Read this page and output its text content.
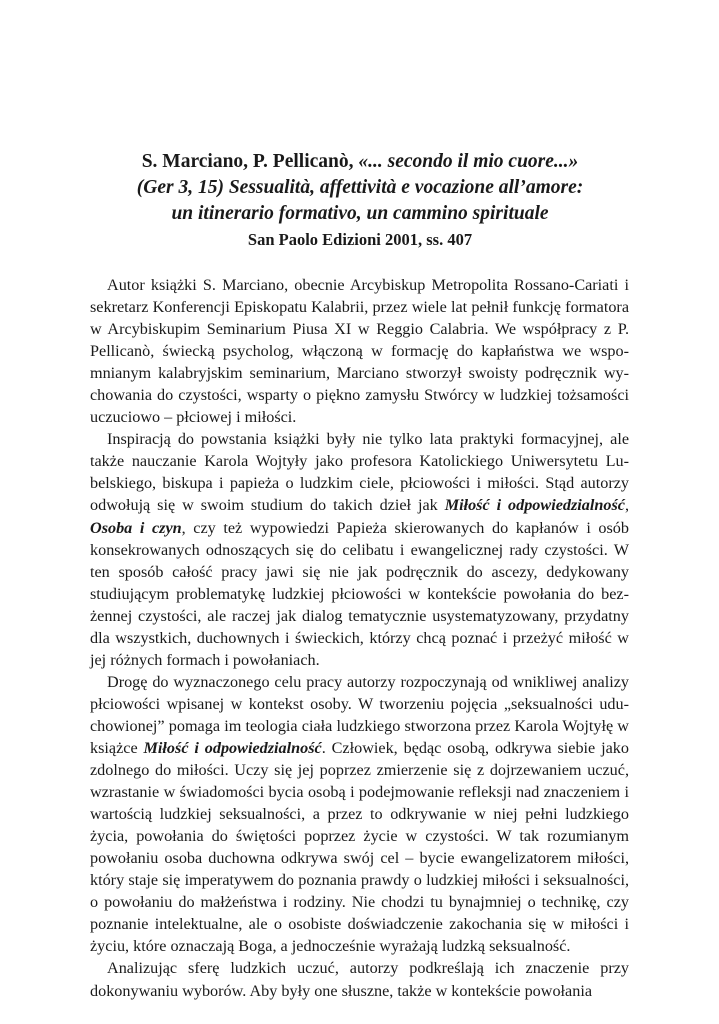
S. Marciano, P. Pellicanò, «... secondo il mio cuore...»
(Ger 3, 15) Sessualità, affettività e vocazione all’amore:
un itinerario formativo, un cammino spirituale
San Paolo Edizioni 2001, ss. 407

Autor książki S. Marciano, obecnie Arcybiskup Metropolita Rossano-Cariati i sekretarz Konferencji Episkopatu Kalabrii, przez wiele lat pełnił funkcję formatora w Arcybiskupim Seminarium Piusa XI w Reggio Calabria. We współpracy z P. Pellicanò, świecką psycholog, włączoną w formację do kapłaństwa we wspomnianym kalabryjskim seminarium, Marciano stworzył swoisty podręcznik wychowania do czystości, wsparty o piękno zamysłu Stwórcy w ludzkiej tożsamości uczuciowo – płciowej i miłości.

Inspiracją do powstania książki były nie tylko lata praktyki formacyjnej, ale także nauczanie Karola Wojtyły jako profesora Katolickiego Uniwersytetu Lubelskiego, biskupa i papieża o ludzkim ciele, płciowości i miłości. Stąd autorzy odwołują się w swoim studium do takich dzieł jak Miłość i odpowiedzialność, Osoba i czyn, czy też wypowiedzi Papieża skierowanych do kapłanów i osób konsekrowanych odnoszących się do celibatu i ewangelicznej rady czystości. W ten sposób całość pracy jawi się nie jak podręcznik do ascezy, dedykowany studiującym problematykę ludzkiej płciowości w kontekście powołania do bezżennej czystości, ale raczej jak dialog tematycznie usystematyzowany, przydatny dla wszystkich, duchownych i świeckich, którzy chcą poznać i przeżyć miłość w jej różnych formach i powołaniach.

Drogę do wyznaczonego celu pracy autorzy rozpoczynają od wnikliwej analizy płciowości wpisanej w kontekst osoby. W tworzeniu pojęcia „seksualności uduchowionej” pomaga im teologia ciała ludzkiego stworzona przez Karola Wojtyłę w książce Miłość i odpowiedzialność. Człowiek, będąc osobą, odkrywa siebie jako zdolnego do miłości. Uczy się jej poprzez zmierzenie się z dojrzewaniem uczuć, wzrastanie w świadomości bycia osobą i podejmowanie refleksji nad znaczeniem i wartością ludzkiej seksualności, a przez to odkrywanie w niej pełni ludzkiego życia, powołania do świętości poprzez życie w czystości. W tak rozumianym powołaniu osoba duchowna odkrywa swój cel – bycie ewangelizatorem miłości, który staje się imperatywem do poznania prawdy o ludzkiej miłości i seksualności, o powołaniu do małżeństwa i rodziny. Nie chodzi tu bynajmniej o technikę, czy poznanie intelektualne, ale o osobiste doświadczenie zakochania się w miłości i życiu, które oznaczają Boga, a jednocześnie wyrażają ludzką seksualność.

Analizując sferę ludzkich uczuć, autorzy podkreślają ich znaczenie przy dokonywaniu wyborów. Aby były one słuszne, także w kontekście powołania
